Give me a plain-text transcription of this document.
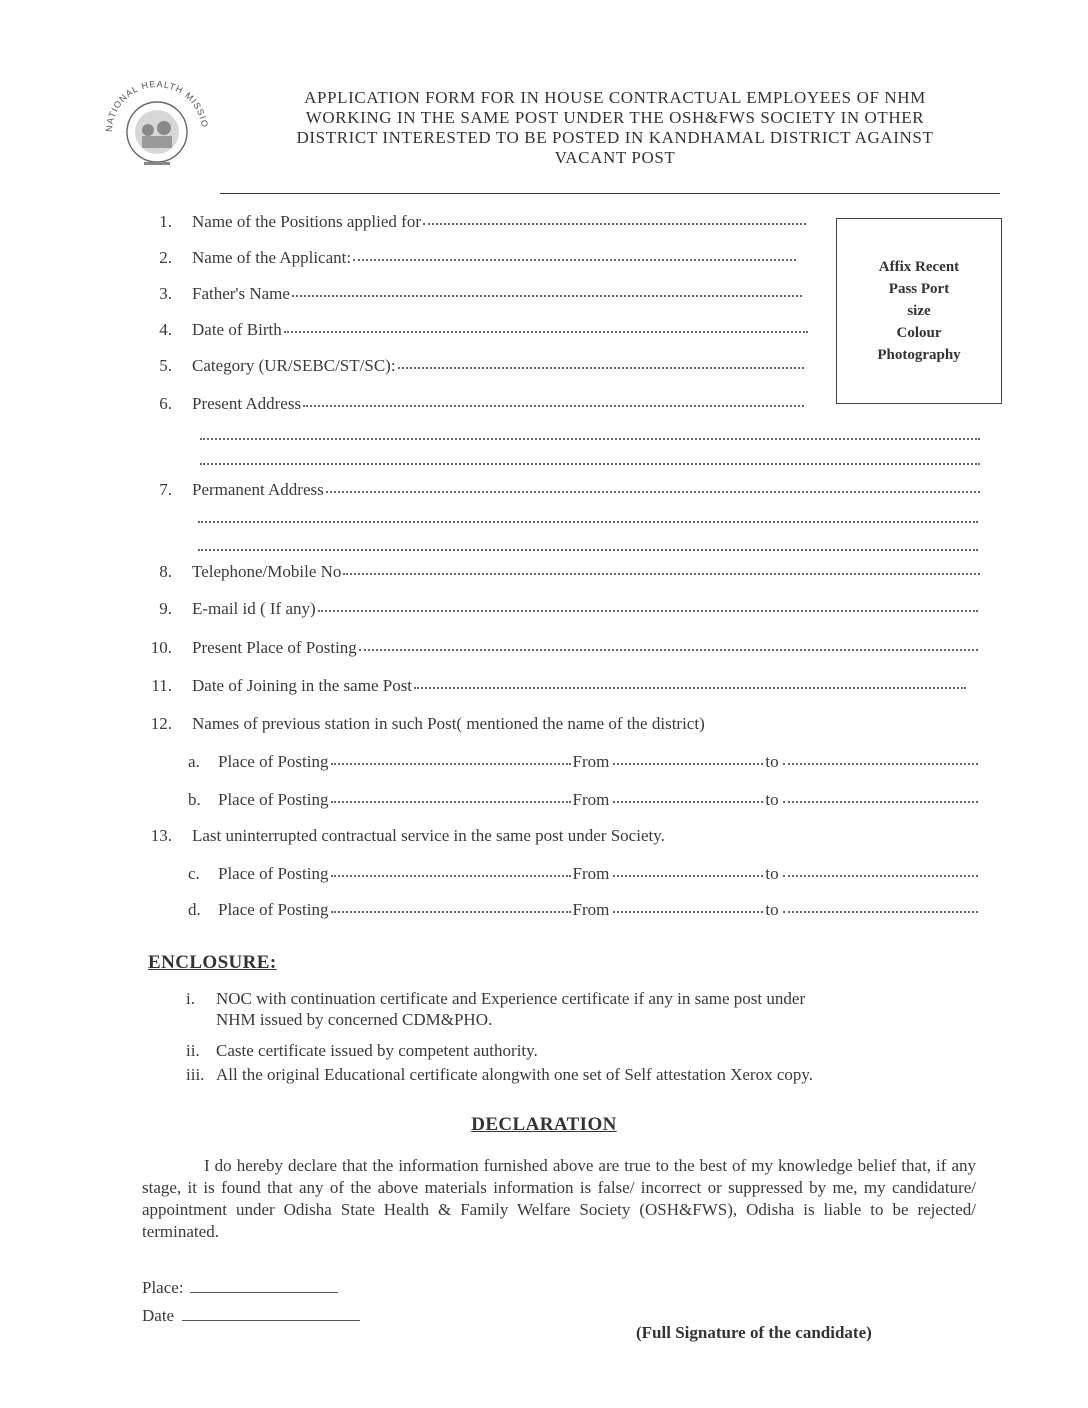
NATIONAL HEALTH MISSIO
APPLICATION FORM FOR IN HOUSE CONTRACTUAL EMPLOYEES OF NHM
WORKING IN THE SAME POST UNDER THE OSH&FWS SOCIETY IN OTHER
DISTRICT INTERESTED TO BE POSTED IN KANDHAMAL DISTRICT AGAINST
VACANT POST
Affix Recent
Pass Port
size
Colour
Photography
1. Name of the Positions applied for
2. Name of the Applicant:
3. Father's Name
4. Date of Birth
5. Category (UR/SEBC/ST/SC):
6. Present Address
7. Permanent Address
8. Telephone/Mobile No
9. E-mail id ( If any)
10. Present Place of Posting
11. Date of Joining in the same Post
12. Names of previous station in such Post( mentioned the name of the district)
a.	Place of Posting	From	to
b.	Place of Posting	From	to
13. Last uninterrupted contractual service in the same post under Society.
c.	Place of Posting	From	to
d.	Place of Posting	From	to
ENCLOSURE:
i.	NOC with continuation certificate and Experience certificate if any in same post under
NHM issued by concerned CDM&PHO.
ii. Caste certificate issued by competent authority.
iii. All the original Educational certificate alongwith one set of Self attestation Xerox copy.
DECLARATION
I do hereby declare that the information furnished above are true to the best of my knowledge belief that, if any stage, it is found that any of the above materials information is false/ incorrect or suppressed by me, my candidature/ appointment under Odisha State Health & Family Welfare Society (OSH&FWS), Odisha is liable to be rejected/ terminated.
Place:
Date
(Full Signature of the candidate)
